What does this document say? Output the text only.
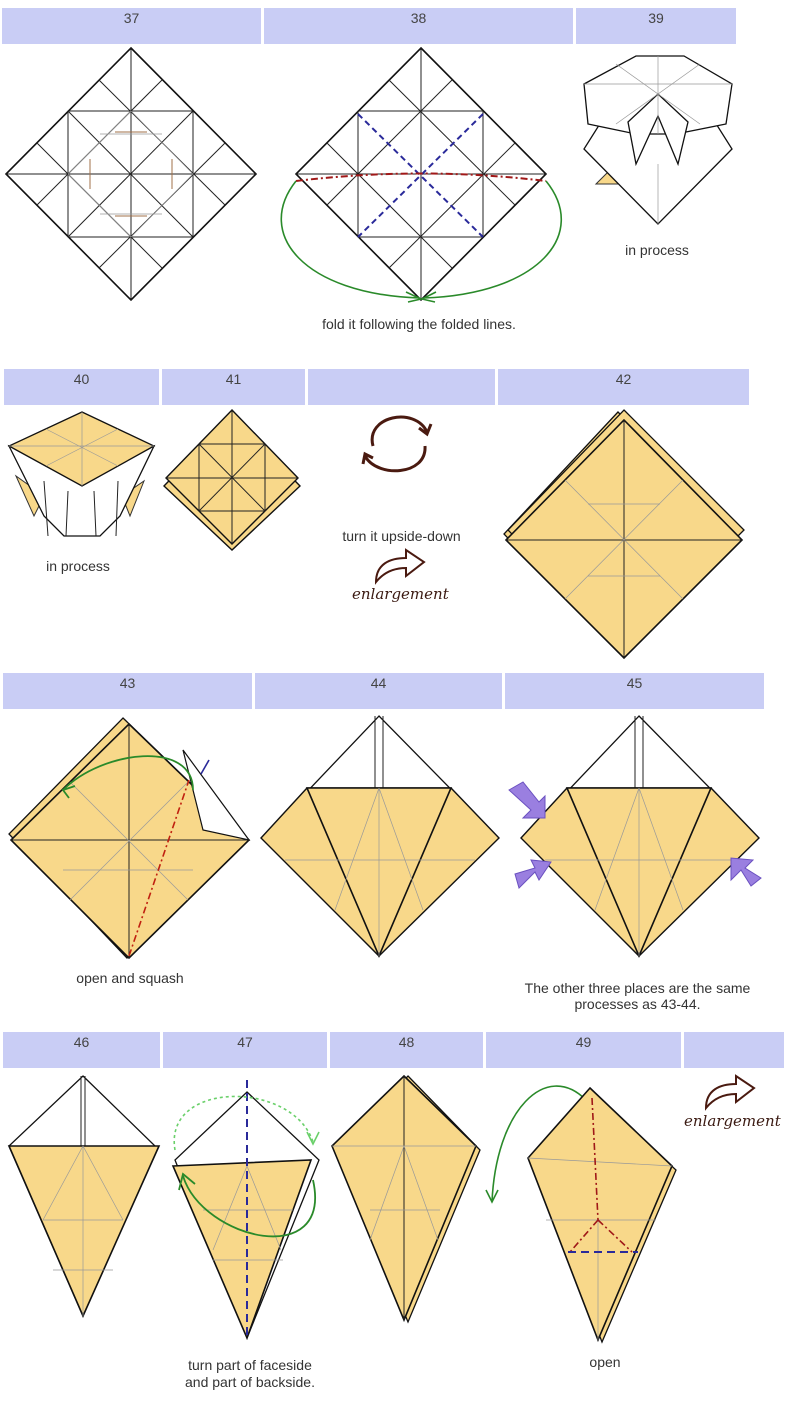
37	38	39
fold it following the folded lines.
in process
40	41	42
in process
turn it upside-down
enlargement
43	44	45
open and squash
The other three places are the same
processes as 43-44.
46	47	48	49
turn part of faceside
and part of backside.
open
enlargement
